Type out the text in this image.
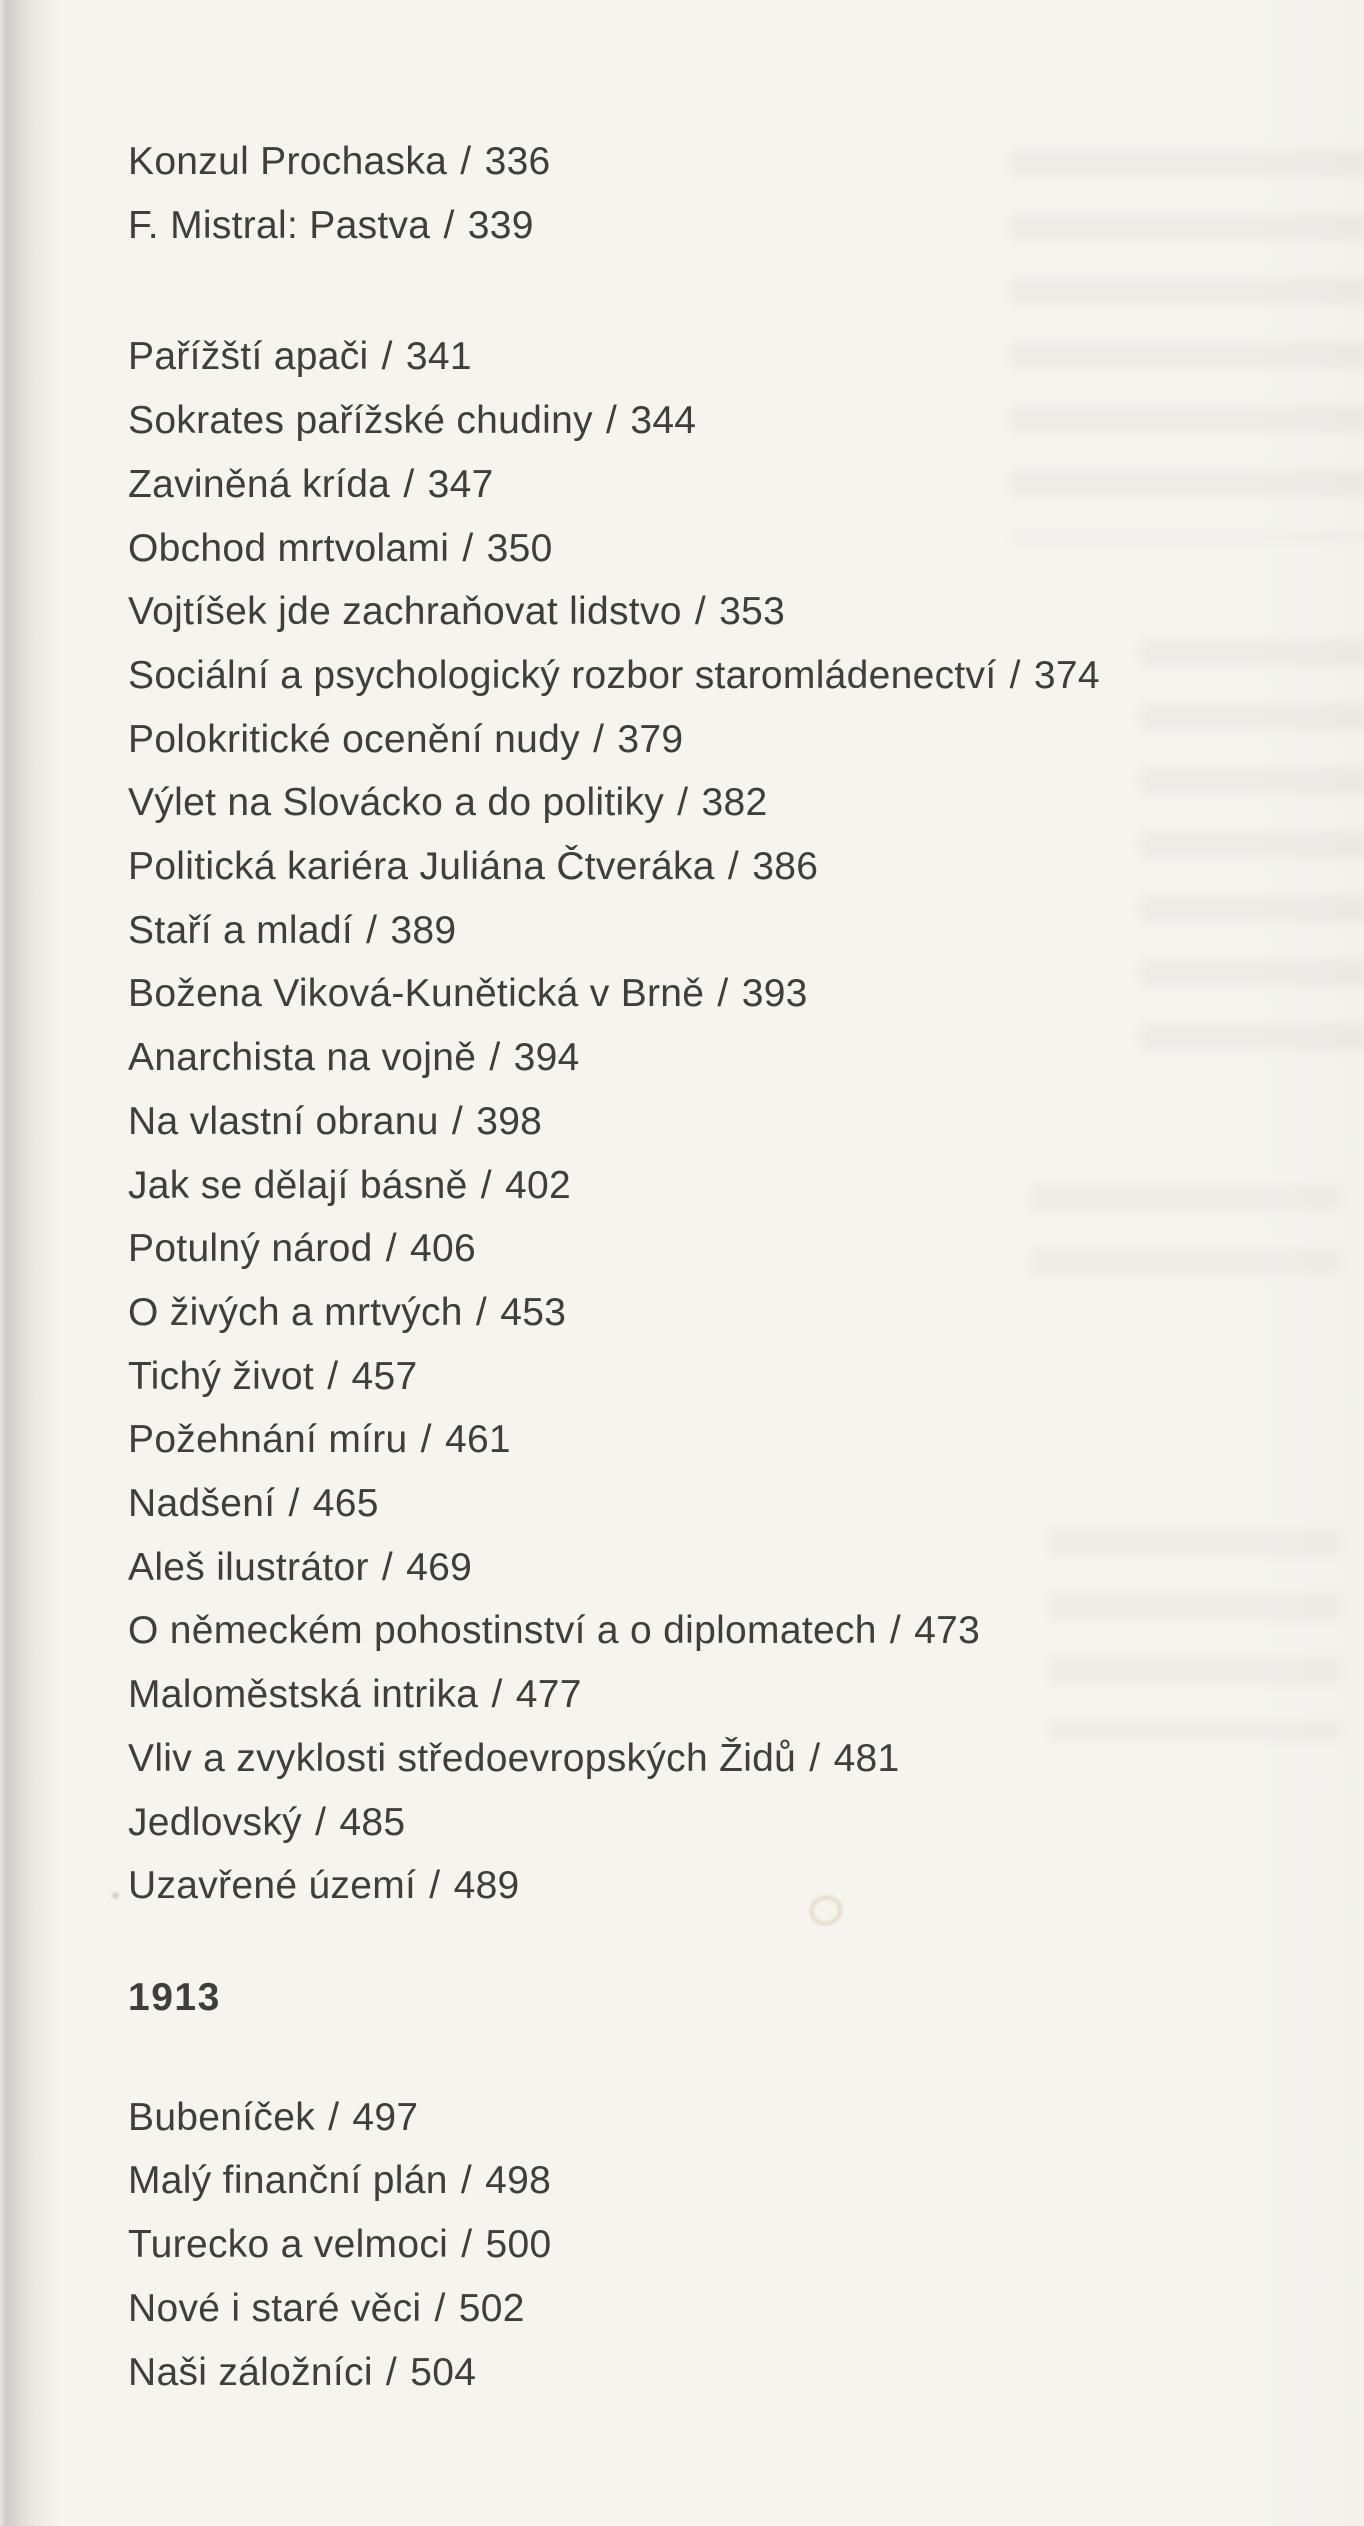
Konzul Prochaska / 336
F. Mistral: Pastva / 339
Pařížští apači / 341
Sokrates pařížské chudiny / 344
Zaviněná krída / 347
Obchod mrtvolami / 350
Vojtíšek jde zachraňovat lidstvo / 353
Sociální a psychologický rozbor staromládenectví / 374
Polokritické ocenění nudy / 379
Výlet na Slovácko a do politiky / 382
Politická kariéra Juliána Čtveráka / 386
Staří a mladí / 389
Božena Viková-Kunětická v Brně / 393
Anarchista na vojně / 394
Na vlastní obranu / 398
Jak se dělají básně / 402
Potulný národ / 406
O živých a mrtvých / 453
Tichý život / 457
Požehnání míru / 461
Nadšení / 465
Aleš ilustrátor / 469
O německém pohostinství a o diplomatech / 473
Maloměstská intrika / 477
Vliv a zvyklosti středoevropských Židů / 481
Jedlovský / 485
Uzavřené území / 489
1913
Bubeníček / 497
Malý finanční plán / 498
Turecko a velmoci / 500
Nové i staré věci / 502
Naši záložníci / 504
